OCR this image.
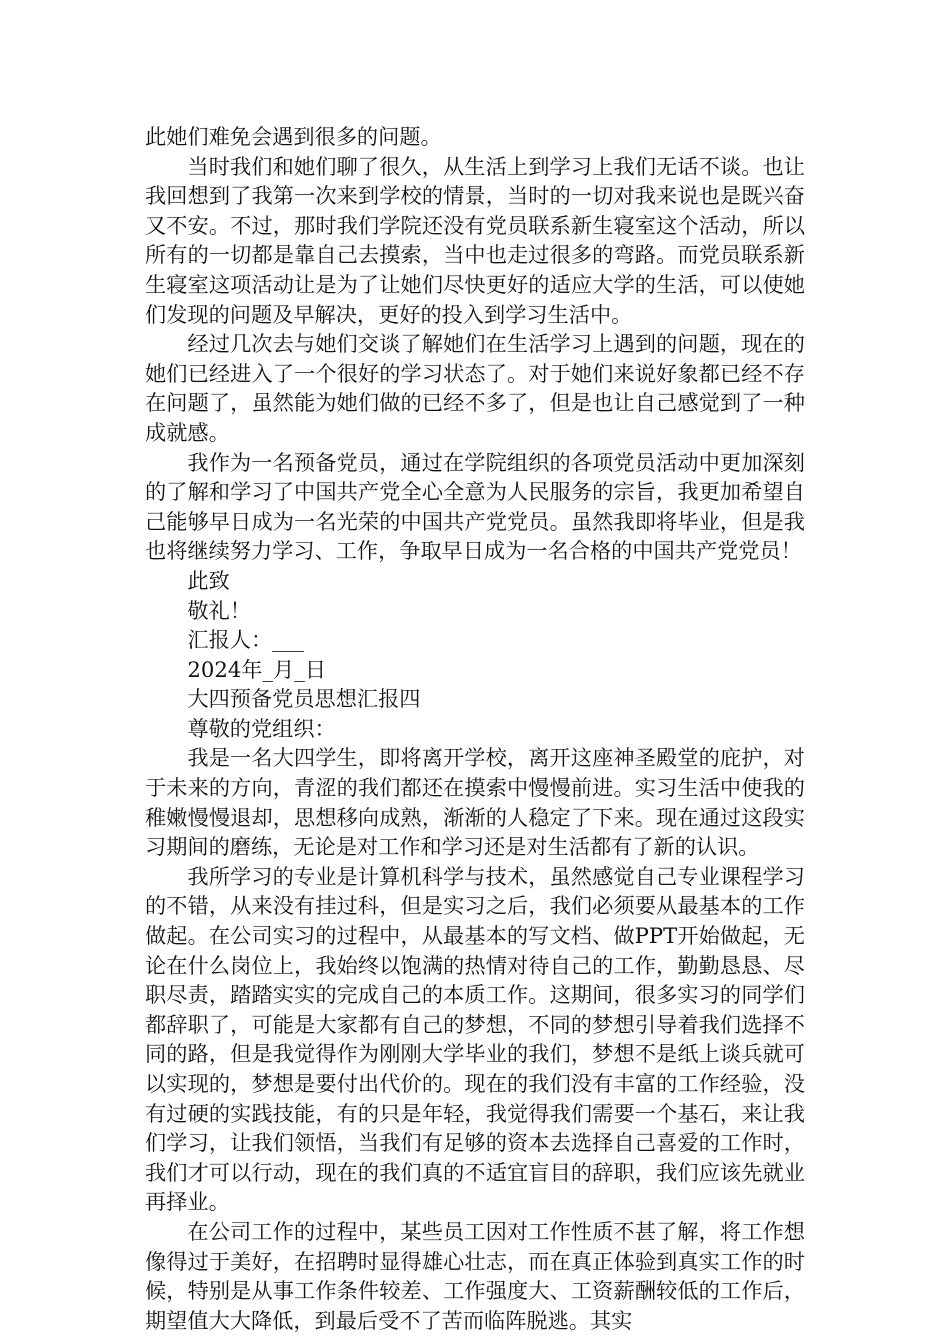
此她们难免会遇到很多的问题。

当时我们和她们聊了很久，从生活上到学习上我们无话不谈。也让我回想到了我第一次来到学校的情景，当时的一切对我来说也是既兴奋又不安。不过，那时我们学院还没有党员联系新生寝室这个活动，所以所有的一切都是靠自己去摸索，当中也走过很多的弯路。而党员联系新生寝室这项活动让是为了让她们尽快更好的适应大学的生活，可以使她们发现的问题及早解决，更好的投入到学习生活中。

经过几次去与她们交谈了解她们在生活学习上遇到的问题，现在的她们已经进入了一个很好的学习状态了。对于她们来说好象都已经不存在问题了，虽然能为她们做的已经不多了，但是也让自己感觉到了一种成就感。

我作为一名预备党员，通过在学院组织的各项党员活动中更加深刻的了解和学习了中国共产党全心全意为人民服务的宗旨，我更加希望自己能够早日成为一名光荣的中国共产党党员。虽然我即将毕业，但是我也将继续努力学习、工作，争取早日成为一名合格的中国共产党党员！

此致

敬礼！

汇报人：___

2024年_月_日

大四预备党员思想汇报四

尊敬的党组织：

我是一名大四学生，即将离开学校，离开这座神圣殿堂的庇护，对于未来的方向，青涩的我们都还在摸索中慢慢前进。实习生活中使我的稚嫩慢慢退却，思想移向成熟，渐渐的人稳定了下来。现在通过这段实习期间的磨练，无论是对工作和学习还是对生活都有了新的认识。

我所学习的专业是计算机科学与技术，虽然感觉自己专业课程学习的不错，从来没有挂过科，但是实习之后，我们必须要从最基本的工作做起。在公司实习的过程中，从最基本的写文档、做PPT开始做起，无论在什么岗位上，我始终以饱满的热情对待自己的工作，勤勤恳恳、尽职尽责，踏踏实实的完成自己的本质工作。这期间，很多实习的同学们都辞职了，可能是大家都有自己的梦想，不同的梦想引导着我们选择不同的路，但是我觉得作为刚刚大学毕业的我们，梦想不是纸上谈兵就可以实现的，梦想是要付出代价的。现在的我们没有丰富的工作经验，没有过硬的实践技能，有的只是年轻，我觉得我们需要一个基石，来让我们学习，让我们领悟，当我们有足够的资本去选择自己喜爱的工作时，我们才可以行动，现在的我们真的不适宜盲目的辞职，我们应该先就业再择业。

在公司工作的过程中，某些员工因对工作性质不甚了解，将工作想像得过于美好，在招聘时显得雄心壮志，而在真正体验到真实工作的时候，特别是从事工作条件较差、工作强度大、工资薪酬较低的工作后，期望值大大降低，到最后受不了苦而临阵脱逃。其实
